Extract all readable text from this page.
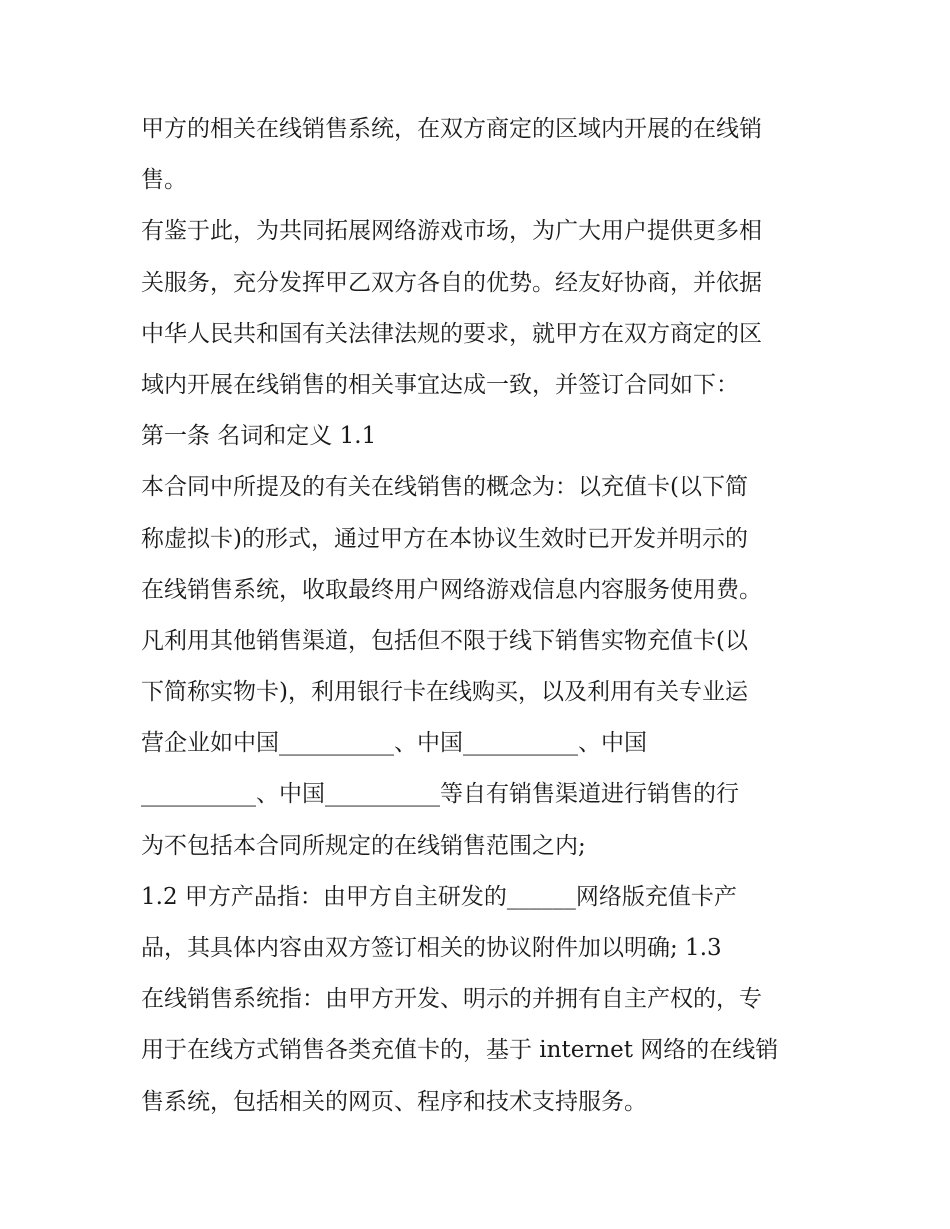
甲方的相关在线销售系统，在双方商定的区域内开展的在线销
售。
有鉴于此，为共同拓展网络游戏市场，为广大用户提供更多相
关服务，充分发挥甲乙双方各自的优势。经友好协商，并依据
中华人民共和国有关法律法规的要求，就甲方在双方商定的区
域内开展在线销售的相关事宜达成一致，并签订合同如下：
第一条 名词和定义 1.1
本合同中所提及的有关在线销售的概念为：以充值卡(以下简
称虚拟卡)的形式，通过甲方在本协议生效时已开发并明示的
在线销售系统，收取最终用户网络游戏信息内容服务使用费。
凡利用其他销售渠道，包括但不限于线下销售实物充值卡(以
下简称实物卡)，利用银行卡在线购买，以及利用有关专业运
营企业如中国__________、中国__________、中国
__________、中国__________等自有销售渠道进行销售的行
为不包括本合同所规定的在线销售范围之内;
1.2 甲方产品指：由甲方自主研发的______网络版充值卡产
品，其具体内容由双方签订相关的协议附件加以明确; 1.3
在线销售系统指：由甲方开发、明示的并拥有自主产权的，专
用于在线方式销售各类充值卡的，基于 internet 网络的在线销
售系统，包括相关的网页、程序和技术支持服务。
